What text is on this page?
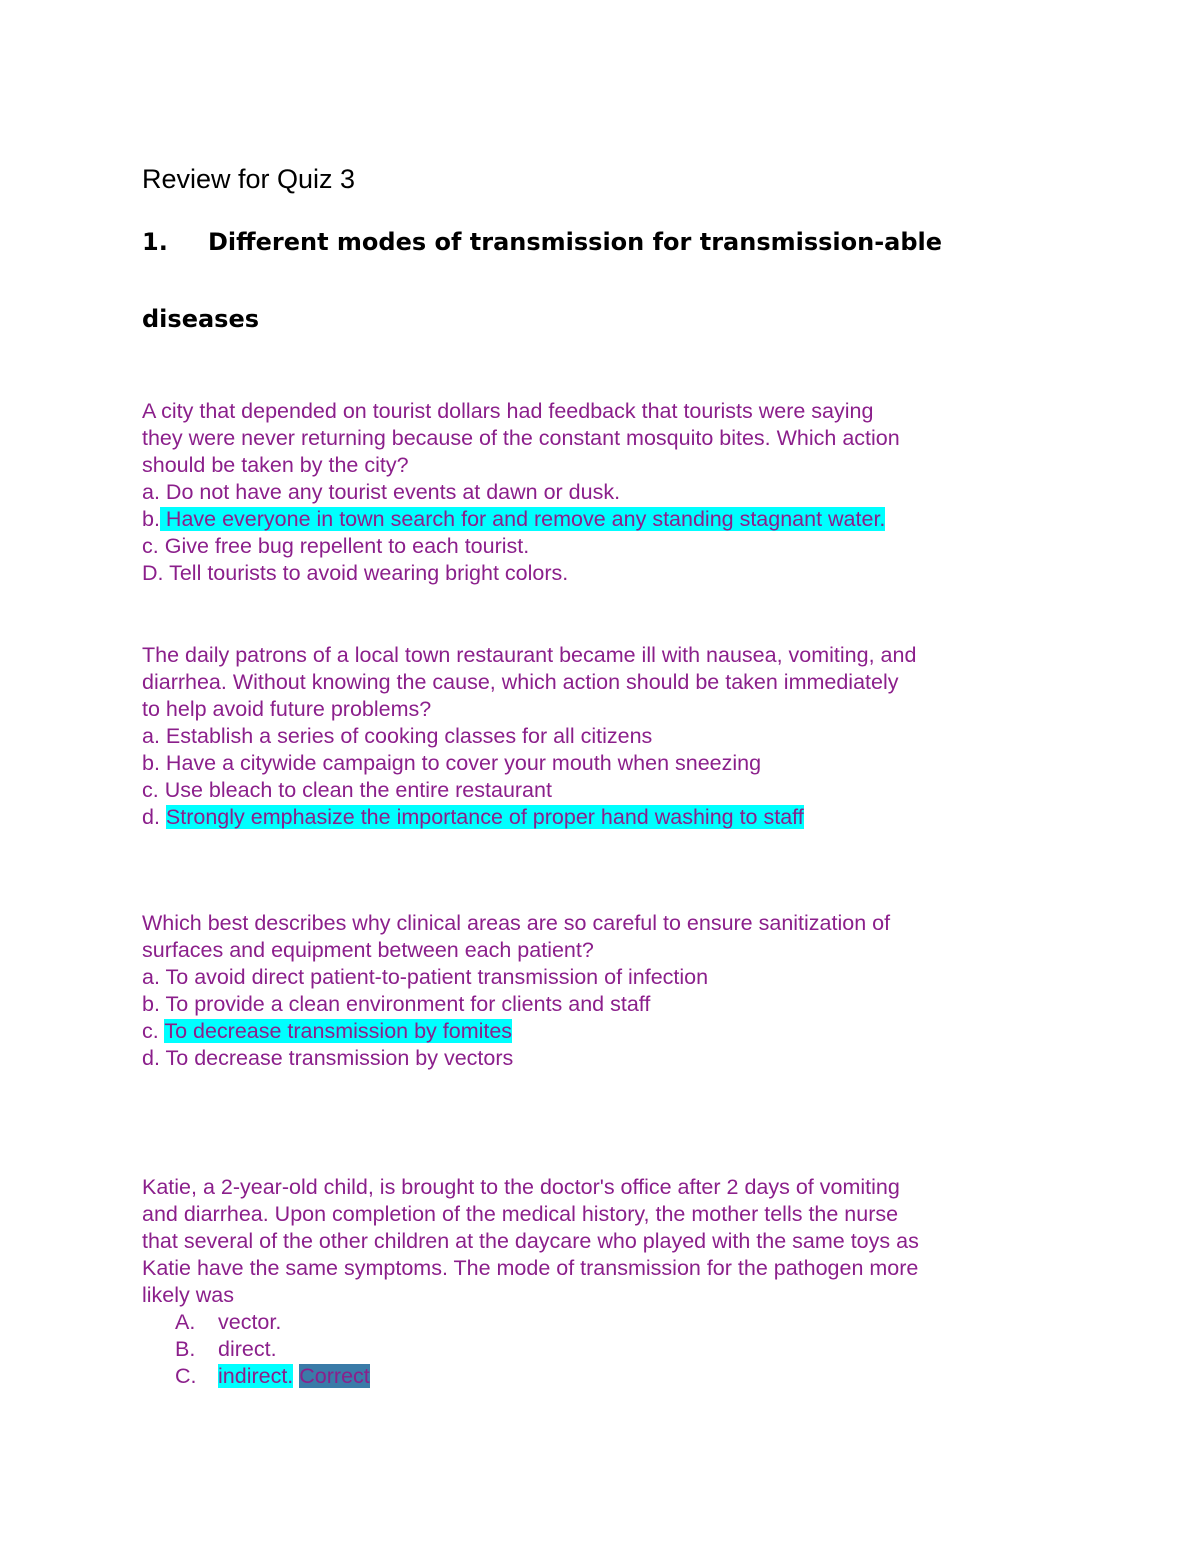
Review for Quiz 3
1. Different modes of transmission for transmission-able
diseases
A city that depended on tourist dollars had feedback that tourists were saying
they were never returning because of the constant mosquito bites. Which action
should be taken by the city?
a. Do not have any tourist events at dawn or dusk.
b. Have everyone in town search for and remove any standing stagnant water.
c. Give free bug repellent to each tourist.
D. Tell tourists to avoid wearing bright colors.
The daily patrons of a local town restaurant became ill with nausea, vomiting, and
diarrhea. Without knowing the cause, which action should be taken immediately
to help avoid future problems?
a. Establish a series of cooking classes for all citizens
b. Have a citywide campaign to cover your mouth when sneezing
c. Use bleach to clean the entire restaurant
d. Strongly emphasize the importance of proper hand washing to staff
Which best describes why clinical areas are so careful to ensure sanitization of
surfaces and equipment between each patient?
a. To avoid direct patient-to-patient transmission of infection
b. To provide a clean environment for clients and staff
c. To decrease transmission by fomites
d. To decrease transmission by vectors
Katie, a 2-year-old child, is brought to the doctor's office after 2 days of vomiting
and diarrhea. Upon completion of the medical history, the mother tells the nurse
that several of the other children at the daycare who played with the same toys as
Katie have the same symptoms. The mode of transmission for the pathogen more
likely was
A. vector.
B. direct.
C. indirect. Correct
